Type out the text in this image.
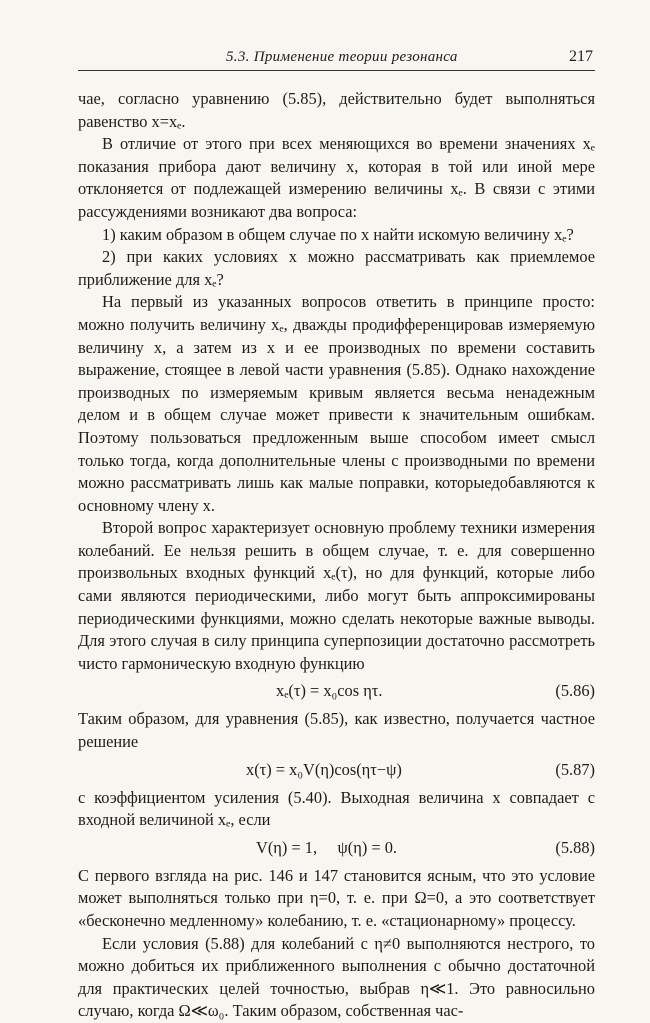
5.3. Применение теории резонанса	217

чае, согласно уравнению (5.85), действительно будет выполняться равенство x=xₑ.

В отличие от этого при всех меняющихся во времени значениях xₑ показания прибора дают величину x, которая в той или иной мере отклоняется от подлежащей измерению величины xₑ. В связи с этими рассуждениями возникают два вопроса:

1) каким образом в общем случае по x найти искомую величину xₑ?

2) при каких условиях x можно рассматривать как приемлемое приближение для xₑ?

На первый из указанных вопросов ответить в принципе просто: можно получить величину xₑ, дважды продифференцировав измеряемую величину x, а затем из x и ее производных по времени составить выражение, стоящее в левой части уравнения (5.85). Однако нахождение производных по измеряемым кривым является весьма ненадежным делом и в общем случае может привести к значительным ошибкам. Поэтому пользоваться предложенным выше способом имеет смысл только тогда, когда дополнительные члены с производными по времени можно рассматривать лишь как малые поправки, которыедобавляются к основному члену x.

Второй вопрос характеризует основную проблему техники измерения колебаний. Ее нельзя решить в общем случае, т. е. для совершенно произвольных входных функций xₑ(τ), но для функций, которые либо сами являются периодическими, либо могут быть аппроксимированы периодическими функциями, можно сделать некоторые важные выводы. Для этого случая в силу принципа суперпозиции достаточно рассмотреть чисто гармоническую входную функцию

xₑ(τ) = x₀cos ητ.	(5.86)

Таким образом, для уравнения (5.85), как известно, получается частное решение

x(τ) = x₀V(η)cos(ητ−ψ)	(5.87)

с коэффициентом усиления (5.40). Выходная величина x совпадает с входной величиной xₑ, если

V(η) = 1,     ψ(η) = 0.	(5.88)

С первого взгляда на рис. 146 и 147 становится ясным, что это условие может выполняться только при η=0, т. е. при Ω=0, а это соответствует «бесконечно медленному» колебанию, т. е. «стационарному» процессу.

Если условия (5.88) для колебаний с η≠0 выполняются нестрого, то можно добиться их приближенного выполнения с обычно достаточной для практических целей точностью, выбрав η≪1. Это равносильно случаю, когда Ω≪ω₀. Таким образом, собственная час-
